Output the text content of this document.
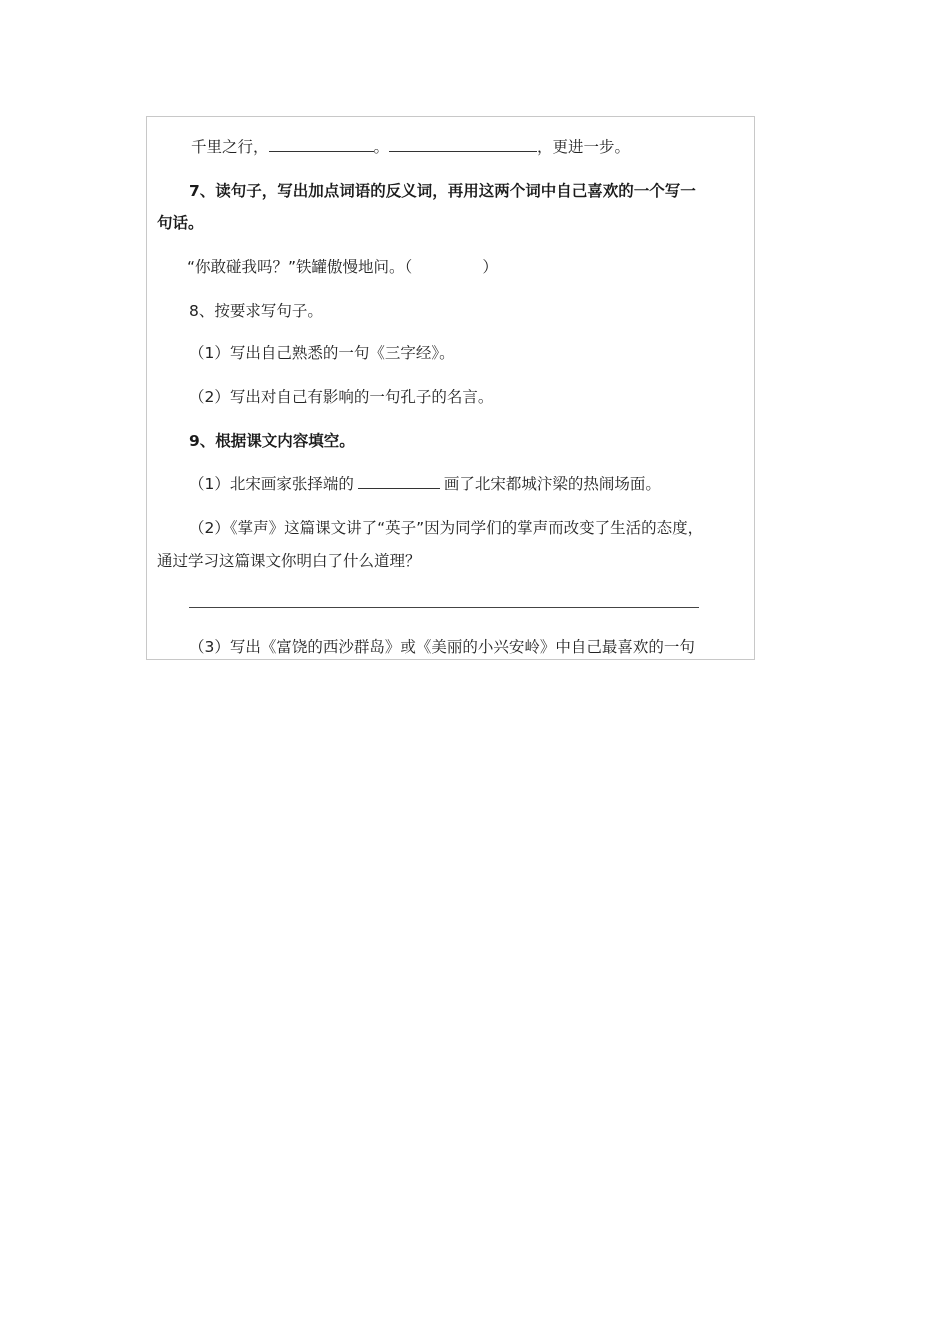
千里之行，	。	，更进一步。
7、读句子，写出加点词语的反义词，再用这两个词中自己喜欢的一个写一
句话。
“你敢碰我吗？”铁罐傲慢地问。（	）
8、按要求写句子。
（1）写出自己熟悉的一句《三字经》。
（2）写出对自己有影响的一句孔子的名言。
9、根据课文内容填空。
（1）北宋画家张择端的	画了北宋都城汴梁的热闹场面。
（2）《掌声》这篇课文讲了“英子”因为同学们的掌声而改变了生活的态度，
通过学习这篇课文你明白了什么道理？
（3）写出《富饶的西沙群岛》或《美丽的小兴安岭》中自己最喜欢的一句
